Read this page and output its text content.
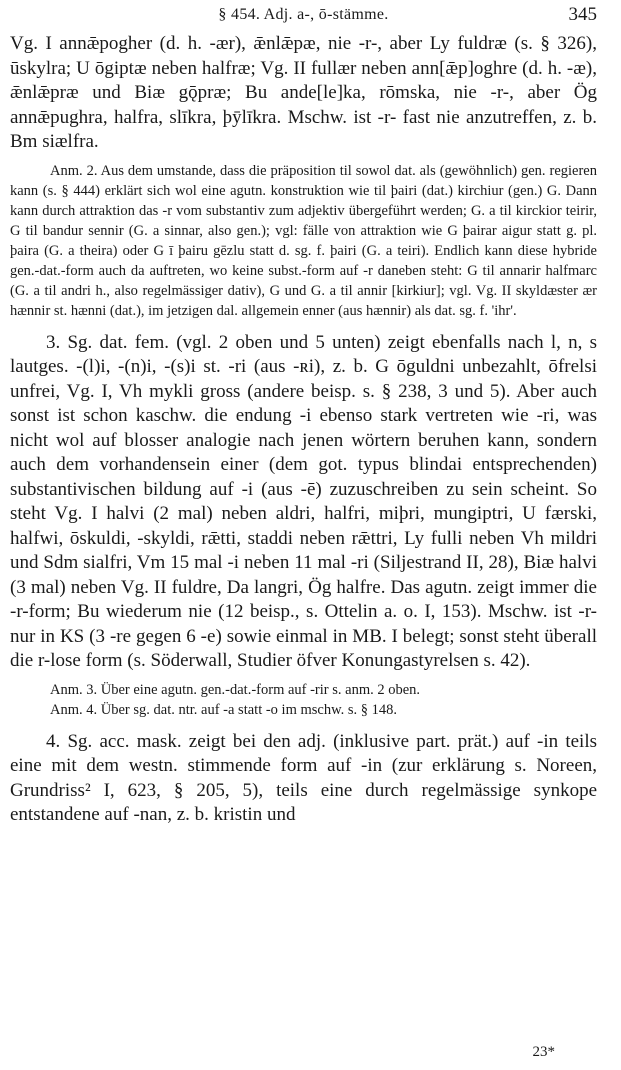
§ 454. Adj. a-, ō-stämme.	345

Vg. I annǣpogher (d. h. -ær), ǣnlǣpæ, nie -r-, aber Ly fuldræ (s. § 326), ūskylra; U ōgiptæ neben halfræ; Vg. II fullær neben ann[ǣp]oghre (d. h. -æ), ǣnlǣpræ und Biæ gǭpræ; Bu ande[le]ka, rōmska, nie -r-, aber Ög annǣpughra, halfra, slīkra, þȳlīkra. Mschw. ist -r- fast nie anzutreffen, z. b. Bm siælfra.

Anm. 2. Aus dem umstande, dass die präposition til sowol dat. als (gewöhnlich) gen. regieren kann (s. § 444) erklärt sich wol eine agutn. konstruktion wie til þairi (dat.) kirchiur (gen.) G. Dann kann durch attraktion das -r vom substantiv zum adjektiv übergeführt werden; G. a til kirckior teirir, G til bandur sennir (G. a sinnar, also gen.); vgl: fälle von attraktion wie G þairar aigur statt g. pl. þaira (G. a theira) oder G ī þairu gēzlu statt d. sg. f. þairi (G. a teiri). Endlich kann diese hybride gen.-dat.-form auch da auftreten, wo keine subst.-form auf -r daneben steht: G til annarir halfmarc (G. a til andri h., also regelmässiger dativ), G und G. a til annir [kirkiur]; vgl. Vg. II skyldæster ær hænnir st. hænni (dat.), im jetzigen dal. allgemein enner (aus hænnir) als dat. sg. f. 'ihr'.

3. Sg. dat. fem. (vgl. 2 oben und 5 unten) zeigt ebenfalls nach l, n, s lautges. -(l)i, -(n)i, -(s)i st. -ri (aus -ʀi), z. b. G ōguldni unbezahlt, ōfrelsi unfrei, Vg. I, Vh mykli gross (andere beisp. s. § 238, 3 und 5). Aber auch sonst ist schon kaschw. die endung -i ebenso stark vertreten wie -ri, was nicht wol auf blosser analogie nach jenen wörtern beruhen kann, sondern auch dem vorhandensein einer (dem got. typus blindai entsprechenden) substantivischen bildung auf -i (aus -ē) zuzuschreiben zu sein scheint. So steht Vg. I halvi (2 mal) neben aldri, halfri, miþri, mungiptri, U færski, halfwi, ōskuldi, -skyldi, rǣtti, staddi neben rǣttri, Ly fulli neben Vh mildri und Sdm sialfri, Vm 15 mal -i neben 11 mal -ri (Siljestrand II, 28), Biæ halvi (3 mal) neben Vg. II fuldre, Da langri, Ög halfre. Das agutn. zeigt immer die -r-form; Bu wiederum nie (12 beisp., s. Ottelin a. o. I, 153). Mschw. ist -r- nur in KS (3 -re gegen 6 -e) sowie einmal in MB. I belegt; sonst steht überall die r-lose form (s. Söderwall, Studier öfver Konungastyrelsen s. 42).

Anm. 3. Über eine agutn. gen.-dat.-form auf -rir s. anm. 2 oben.

Anm. 4. Über sg. dat. ntr. auf -a statt -o im mschw. s. § 148.

4. Sg. acc. mask. zeigt bei den adj. (inklusive part. prät.) auf -in teils eine mit dem westn. stimmende form auf -in (zur erklärung s. Noreen, Grundriss² I, 623, § 205, 5), teils eine durch regelmässige synkope entstandene auf -nan, z. b. kristin und

23*
